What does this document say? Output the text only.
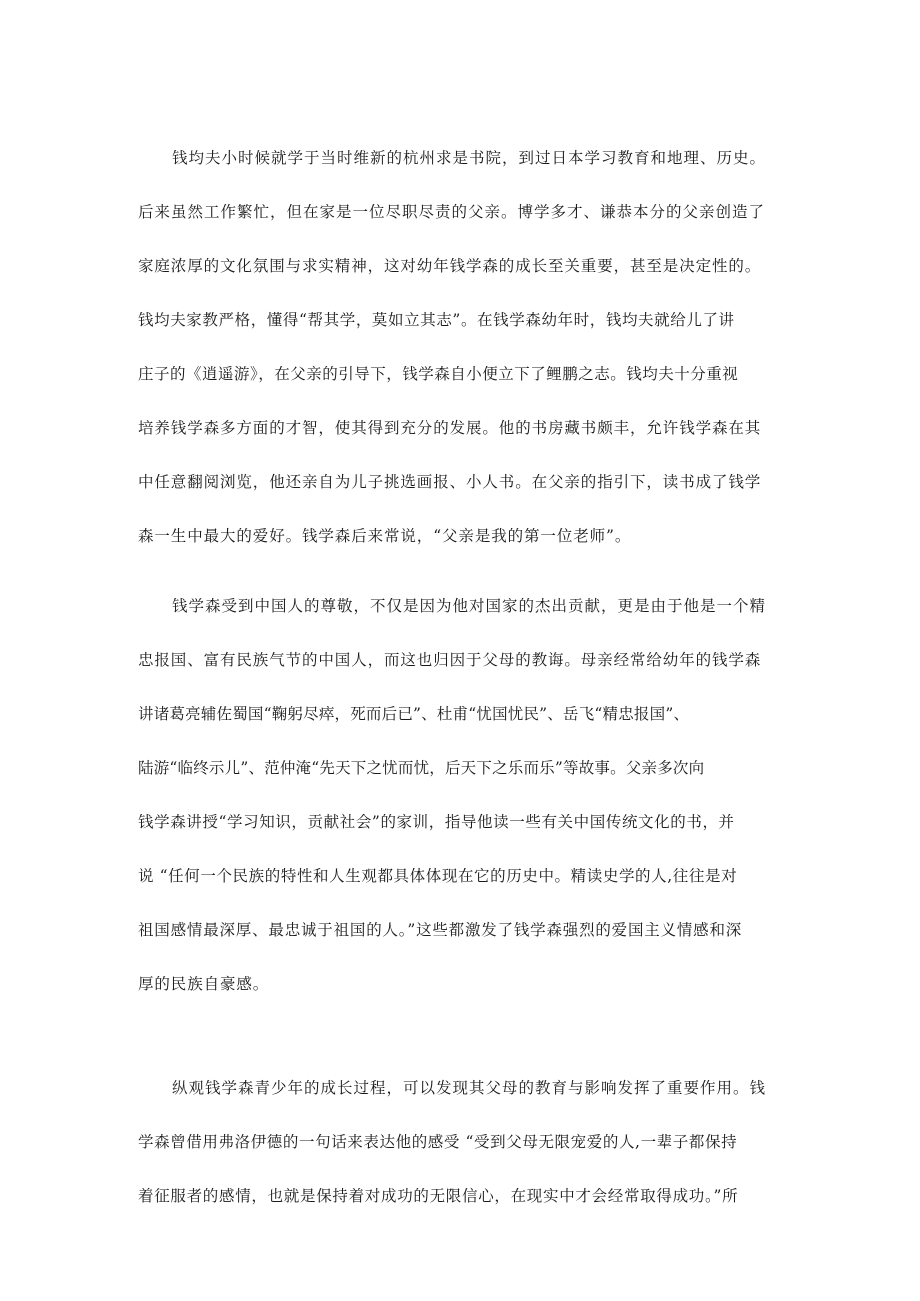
钱均夫小时候就学于当时维新的杭州求是书院，到过日本学习教育和地理、历史。
后来虽然工作繁忙，但在家是一位尽职尽责的父亲。博学多才、谦恭本分的父亲创造了
家庭浓厚的文化氛围与求实精神，这对幼年钱学森的成长至关重要，甚至是决定性的。
钱均夫家教严格，懂得“帮其学，莫如立其志”。在钱学森幼年时，钱均夫就给儿了讲
庄子的《逍遥游》，在父亲的引导下，钱学森自小便立下了鲤鹏之志。钱均夫十分重视
培养钱学森多方面的才智，使其得到充分的发展。他的书房藏书颇丰，允许钱学森在其
中任意翻阅浏览，他还亲自为儿子挑选画报、小人书。在父亲的指引下，读书成了钱学
森一生中最大的爱好。钱学森后来常说，“父亲是我的第一位老师”。
钱学森受到中国人的尊敬，不仅是因为他对国家的杰出贡献，更是由于他是一个精
忠报国、富有民族气节的中国人，而这也归因于父母的教诲。母亲经常给幼年的钱学森
讲诸葛亮辅佐蜀国“鞠躬尽瘁，死而后已”、杜甫“忧国忧民”、岳飞“精忠报国”、
陆游“临终示儿”、范仲淹“先天下之忧而忧，后天下之乐而乐”等故事。父亲多次向
钱学森讲授“学习知识，贡献社会”的家训，指导他读一些有关中国传统文化的书，并
说 “任何一个民族的特性和人生观都具体体现在它的历史中。精读史学的人,往往是对
祖国感情最深厚、最忠诚于祖国的人。”这些都激发了钱学森强烈的爱国主义情感和深
厚的民族自豪感。
纵观钱学森青少年的成长过程，可以发现其父母的教育与影响发挥了重要作用。钱
学森曾借用弗洛伊德的一句话来表达他的感受 “受到父母无限宠爱的人,一辈子都保持
着征服者的感情，也就是保持着对成功的无限信心，在现实中才会经常取得成功。”所
